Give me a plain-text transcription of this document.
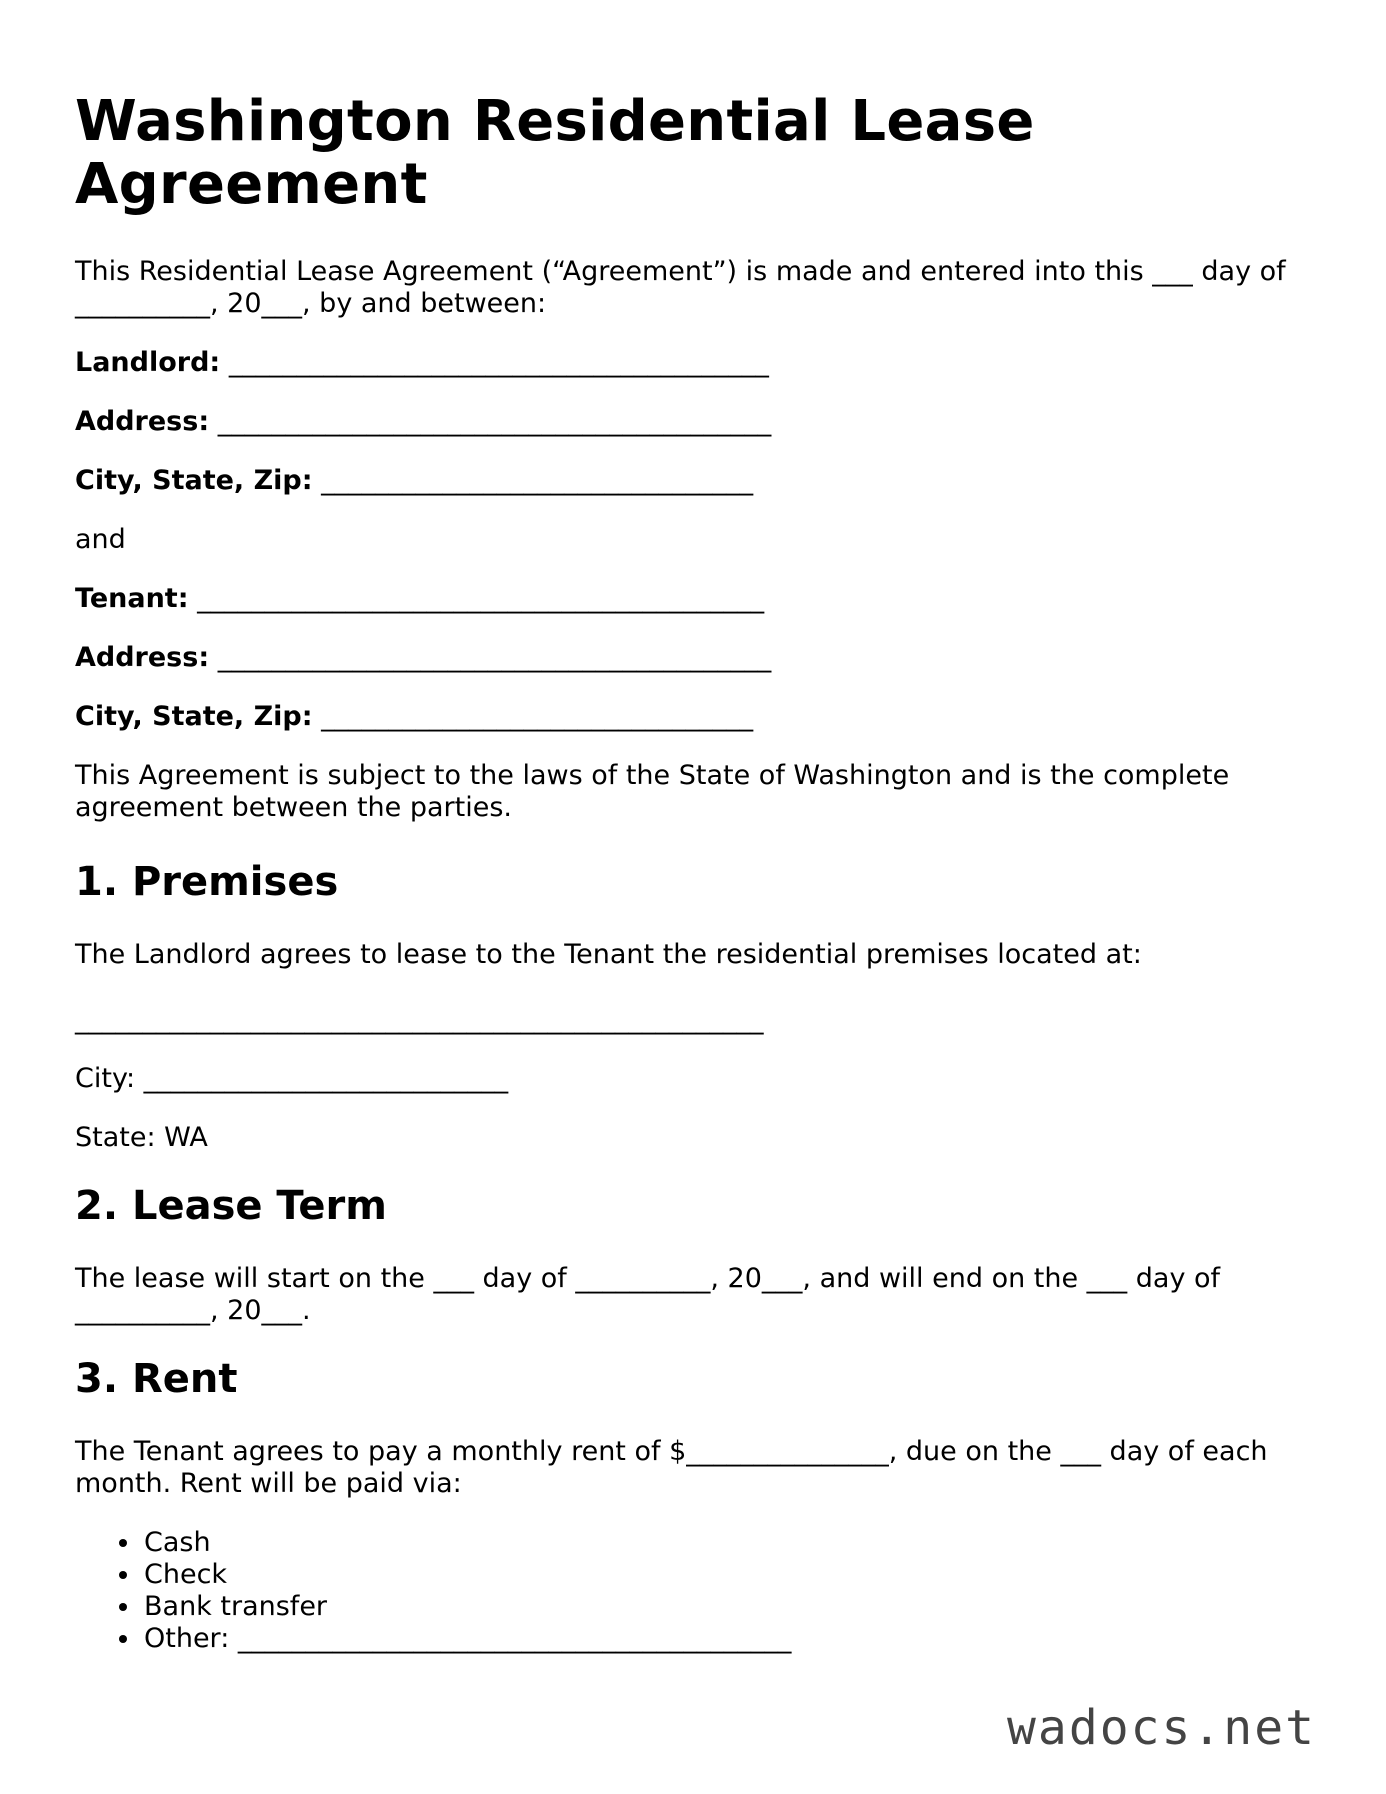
Washington Residential Lease Agreement

This Residential Lease Agreement (“Agreement”) is made and entered into this ___ day of __________, 20___, by and between:

Landlord: ________________________________________
Address: _________________________________________
City, State, Zip: ________________________________
and
Tenant: __________________________________________
Address: _________________________________________
City, State, Zip: ________________________________

This Agreement is subject to the laws of the State of Washington and is the complete agreement between the parties.

1. Premises

The Landlord agrees to lease to the Tenant the residential premises located at:

___________________________________________________
City: ___________________________
State: WA
2. Lease Term

The lease will start on the ___ day of __________, 20___, and will end on the ___ day of __________, 20___.

3. Rent

The Tenant agrees to pay a monthly rent of $_______________, due on the ___ day of each month. Rent will be paid via:

• Cash
• Check
• Bank transfer
• Other: _________________________________________
wadocs.net
